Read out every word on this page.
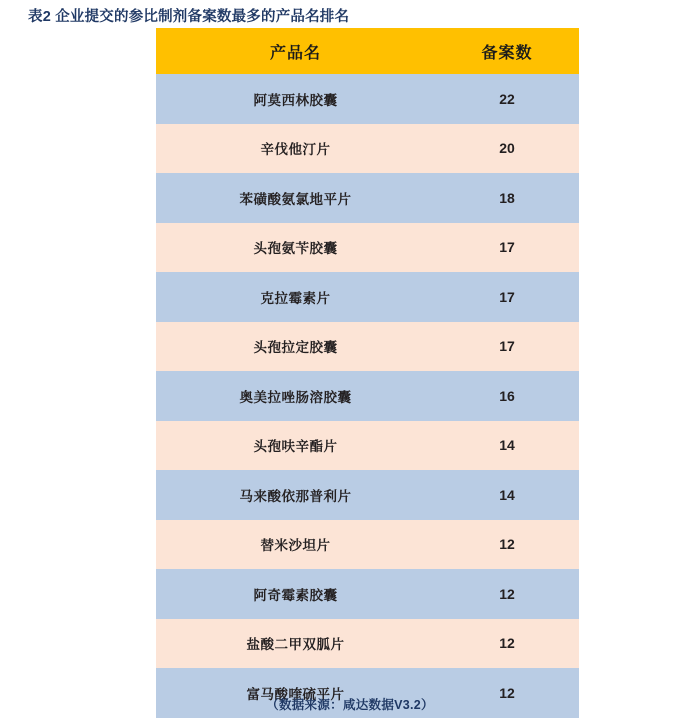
表2 企业提交的参比制剂备案数最多的产品名排名
产品名	备案数
阿莫西林胶囊	22
辛伐他汀片	20
苯磺酸氨氯地平片	18
头孢氨苄胶囊	17
克拉霉素片	17
头孢拉定胶囊	17
奥美拉唑肠溶胶囊	16
头孢呋辛酯片	14
马来酸依那普利片	14
替米沙坦片	12
阿奇霉素胶囊	12
盐酸二甲双胍片	12
富马酸喹硫平片	12
（数据来源：咸达数据V3.2）
